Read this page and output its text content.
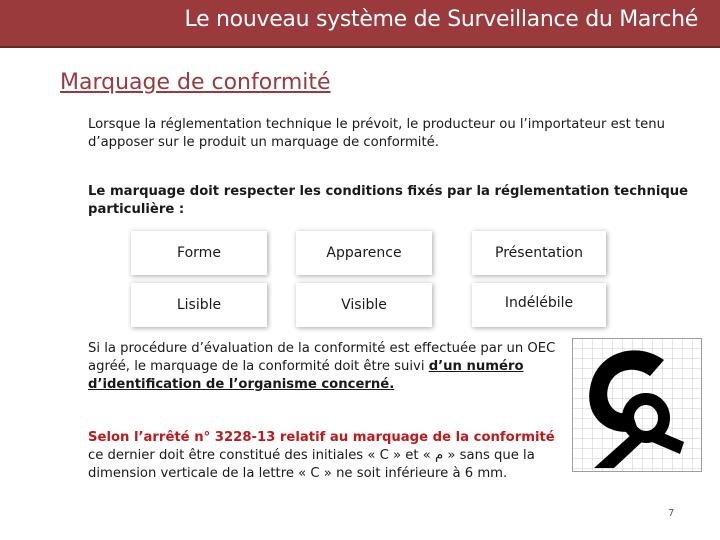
Le nouveau système de Surveillance du Marché
Marquage de conformité
Lorsque la réglementation technique le prévoit, le producteur ou l’importateur est tenu d’apposer sur le produit un marquage de conformité.
Le marquage doit respecter les conditions fixés par la réglementation technique particulière :
Forme	Apparence	Présentation
Lisible	Visible	Indélébile
Si la procédure d’évaluation de la conformité est effectuée par un OEC agréé, le marquage de la conformité doit être suivi d’un numéro d’identification de l’organisme concerné.
Selon l’arrêté n° 3228-13 relatif au marquage de la conformité ce dernier doit être constitué des initiales « C » et « م » sans que la dimension verticale de la lettre « C » ne soit inférieure à 6 mm.
7
